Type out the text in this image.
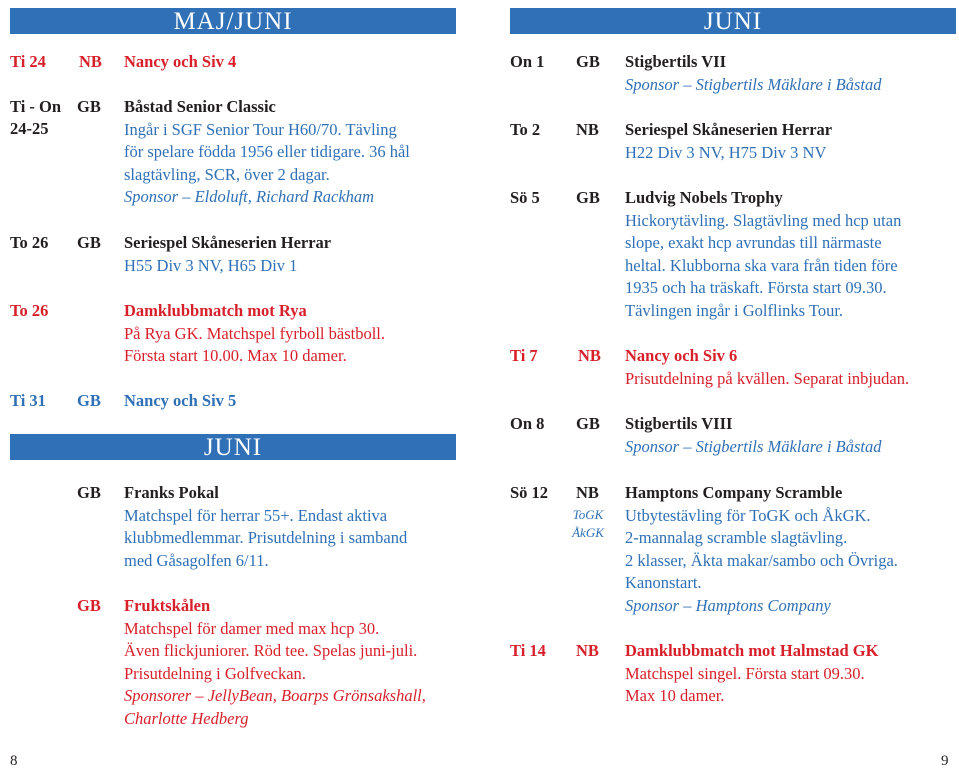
MAJ/JUNI
Ti 24 NB Nancy och Siv 4
Ti - On
24-25
GB Båstad Senior Classic
Ingår i SGF Senior Tour H60/70. Tävling
för spelare födda 1956 eller tidigare. 36 hål
slagtävling, SCR, över 2 dagar.
Sponsor – Eldoluft, Richard Rackham
To 26 GB Seriespel Skåneserien Herrar
H55 Div 3 NV, H65 Div 1
To 26	Damklubbmatch mot Rya
På Rya GK. Matchspel fyrboll bästboll.
Första start 10.00. Max 10 damer.
Ti 31 GB Nancy och Siv 5
JUNI
GB Franks Pokal
Matchspel för herrar 55+. Endast aktiva
klubbmedlemmar. Prisutdelning i samband
med Gåsagolfen 6/11.
GB Fruktskålen
Matchspel för damer med max hcp 30.
Även flickjuniorer. Röd tee. Spelas juni-juli.
Prisutdelning i Golfveckan.
Sponsorer – JellyBean, Boarps Grönsakshall,
Charlotte Hedberg
8
JUNI
On 1 GB Stigbertils VII
Sponsor – Stigbertils Mäklare i Båstad
To 2 NB Seriespel Skåneserien Herrar
H22 Div 3 NV, H75 Div 3 NV
Sö 5 GB Ludvig Nobels Trophy
Hickorytävling. Slagtävling med hcp utan
slope, exakt hcp avrundas till närmaste
heltal. Klubborna ska vara från tiden före
1935 och ha träskaft. Första start 09.30.
Tävlingen ingår i Golflinks Tour.
Ti 7 NB Nancy och Siv 6
Prisutdelning på kvällen. Separat inbjudan.
On 8 GB Stigbertils VIII
Sponsor – Stigbertils Mäklare i Båstad
Sö 12 NB
ToGK
ÅkGK
Hamptons Company Scramble
Utbytestävling för ToGK och ÅkGK.
2-mannalag scramble slagtävling.
2 klasser, Äkta makar/sambo och Övriga.
Kanonstart.
Sponsor – Hamptons Company
Ti 14 NB Damklubbmatch mot Halmstad GK
Matchspel singel. Första start 09.30.
Max 10 damer.
9
